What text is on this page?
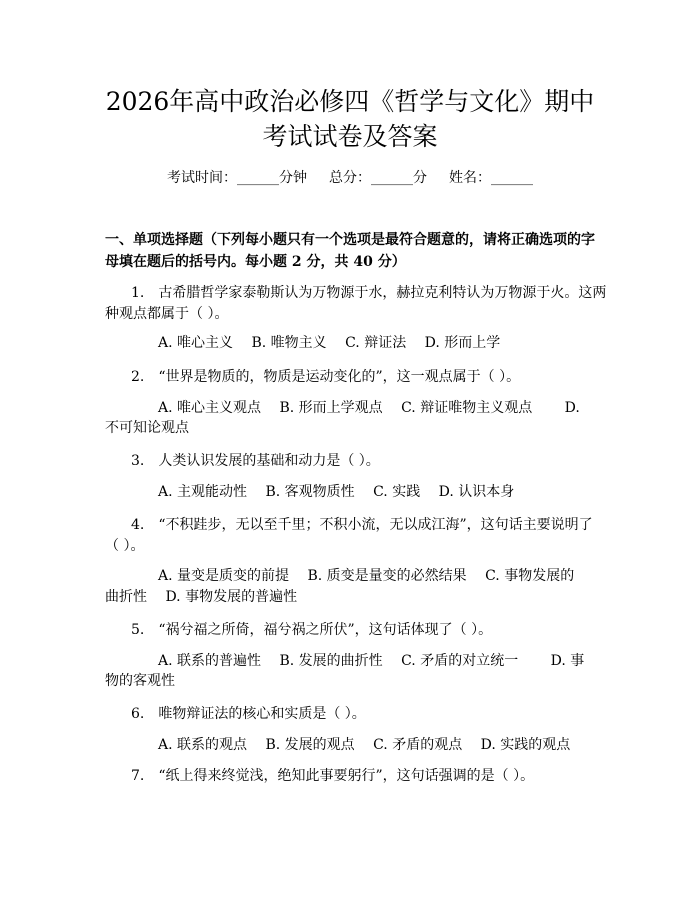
2026年高中政治必修四《哲学与文化》期中
考试试卷及答案
考试时间：______分钟 总分：______分 姓名：______
一、单项选择题（下列每小题只有一个选项是最符合题意的，请将正确选项的字
母填在题后的括号内。每小题 2 分，共 40 分）
1.　古希腊哲学家泰勒斯认为万物源于水，赫拉克利特认为万物源于火。这两
种观点都属于（ ）。
A. 唯心主义　 B. 唯物主义　 C. 辩证法　 D. 形而上学
2.　“世界是物质的，物质是运动变化的”，这一观点属于（ ）。
A. 唯心主义观点　 B. 形而上学观点　 C. 辩证唯物主义观点　　 D.
不可知论观点
3.　人类认识发展的基础和动力是（ ）。
A. 主观能动性　 B. 客观物质性　 C. 实践　 D. 认识本身
4.　“不积跬步，无以至千里；不积小流，无以成江海”，这句话主要说明了
（ ）。
A. 量变是质变的前提　 B. 质变是量变的必然结果　 C. 事物发展的
曲折性　 D. 事物发展的普遍性
5.　“祸兮福之所倚，福兮祸之所伏”，这句话体现了（ ）。
A. 联系的普遍性　 B. 发展的曲折性　 C. 矛盾的对立统一　　 D. 事
物的客观性
6.　唯物辩证法的核心和实质是（ ）。
A. 联系的观点　 B. 发展的观点　 C. 矛盾的观点　 D. 实践的观点
7.　“纸上得来终觉浅，绝知此事要躬行”，这句话强调的是（ ）。
